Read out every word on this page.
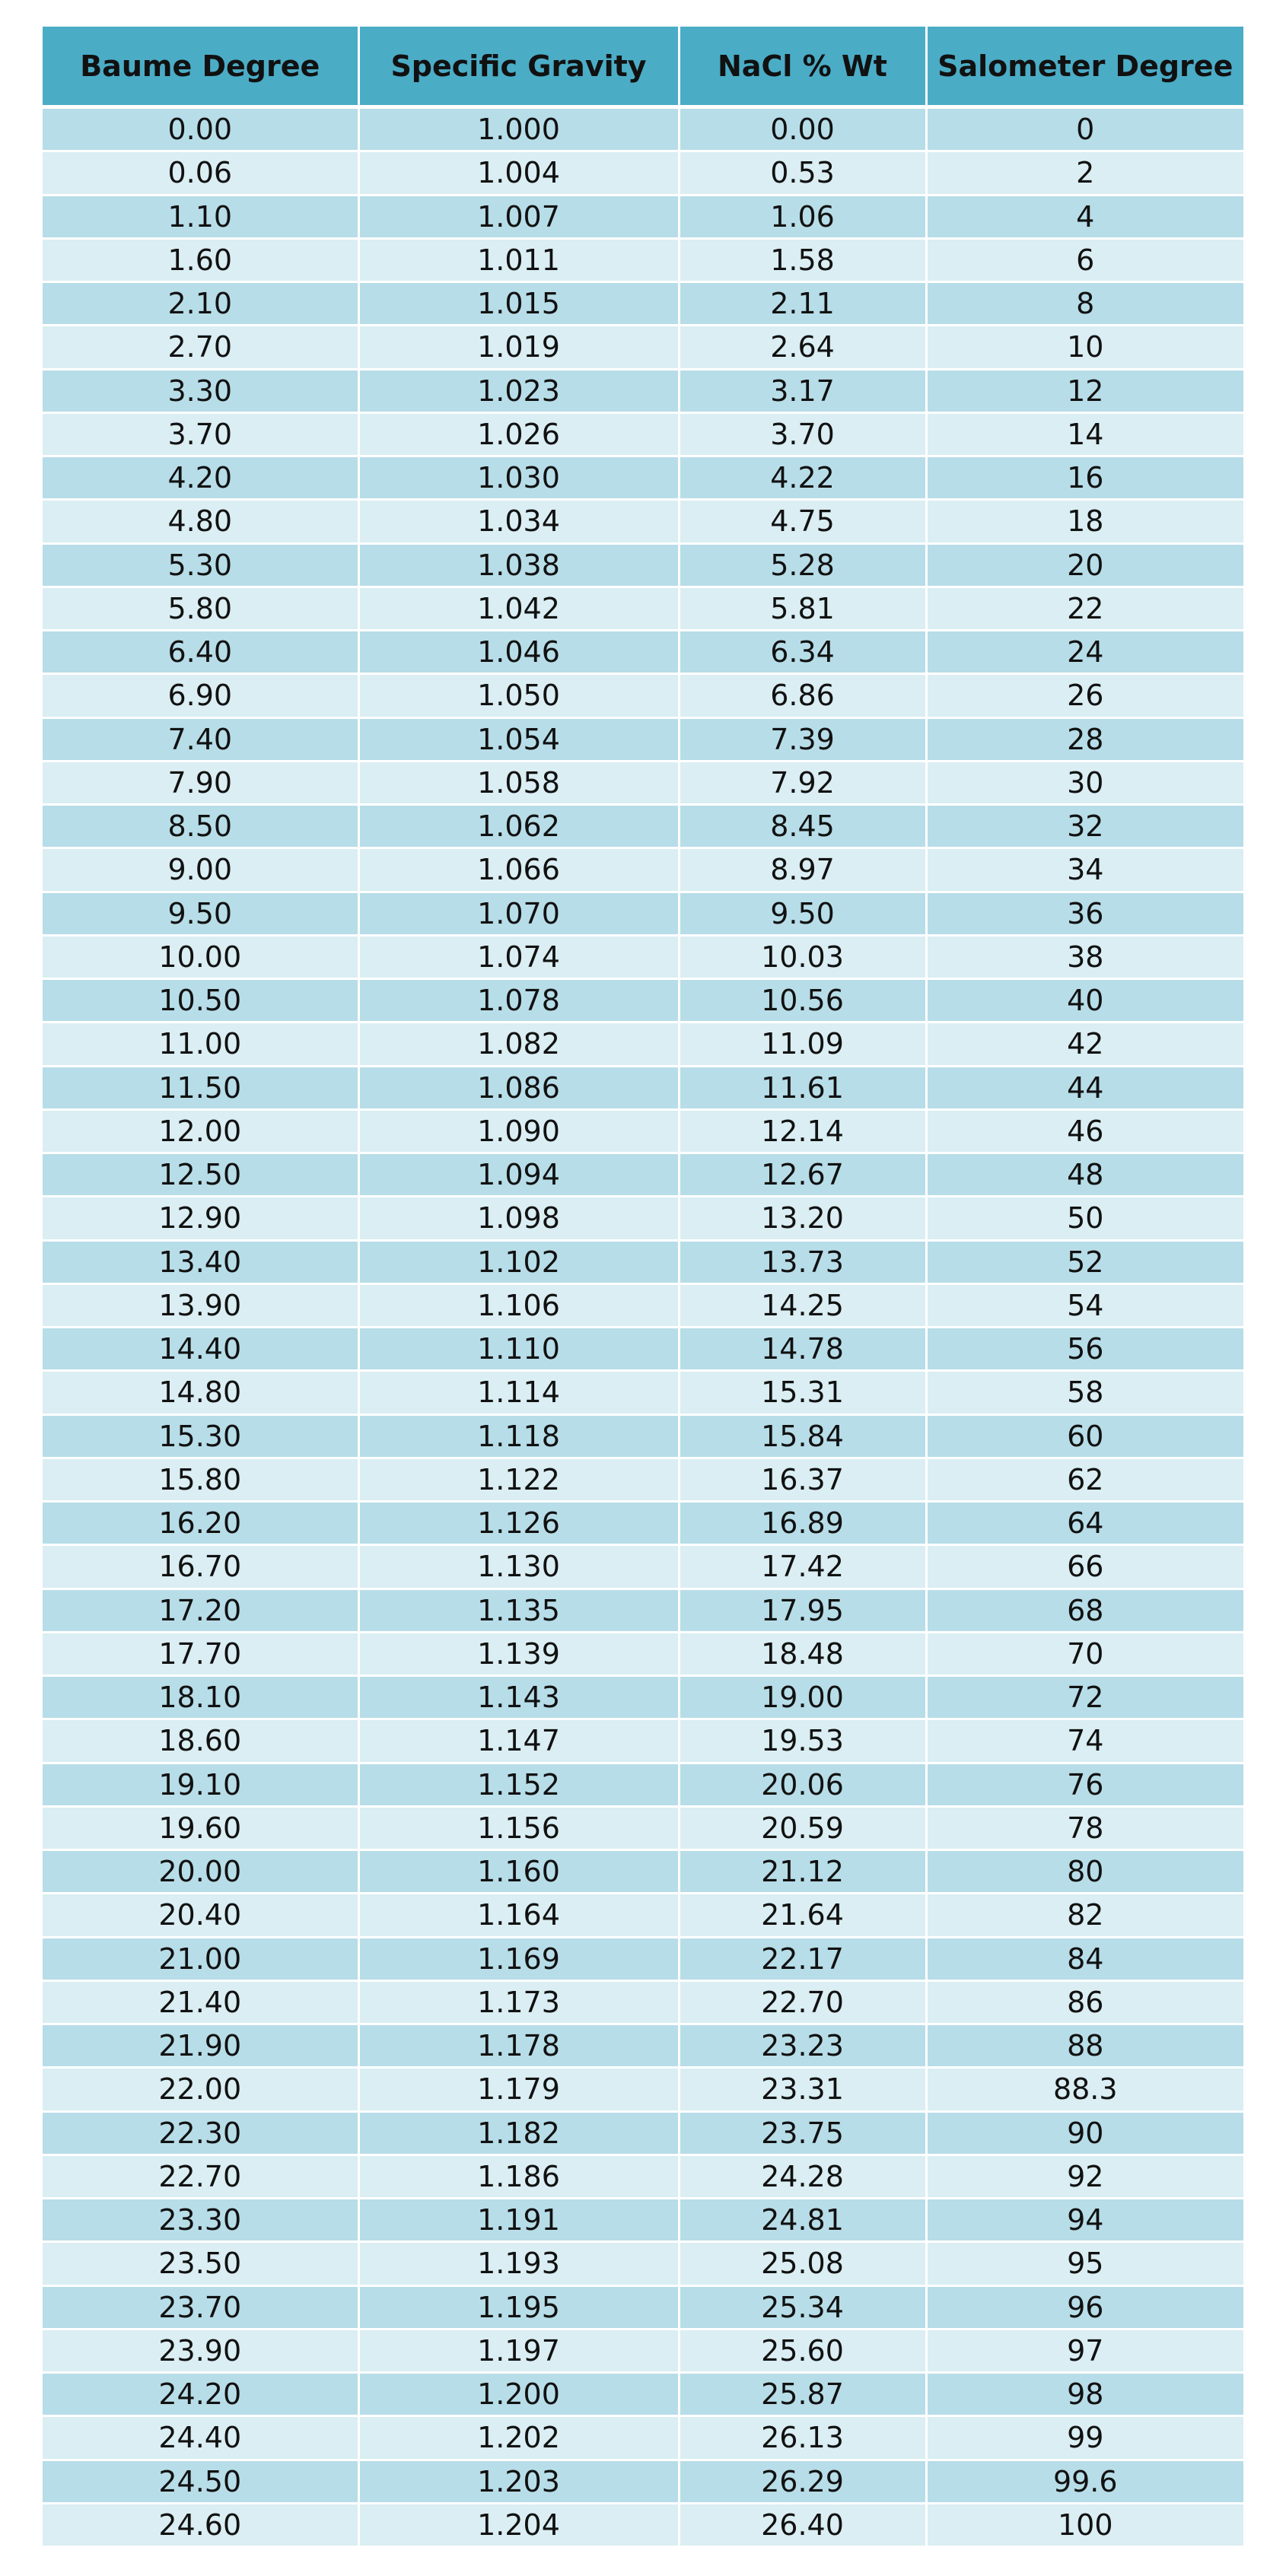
Baume Degree	Specific Gravity	NaCl % Wt	Salometer Degree
0.00	1.000	0.00	0
0.06	1.004	0.53	2
1.10	1.007	1.06	4
1.60	1.011	1.58	6
2.10	1.015	2.11	8
2.70	1.019	2.64	10
3.30	1.023	3.17	12
3.70	1.026	3.70	14
4.20	1.030	4.22	16
4.80	1.034	4.75	18
5.30	1.038	5.28	20
5.80	1.042	5.81	22
6.40	1.046	6.34	24
6.90	1.050	6.86	26
7.40	1.054	7.39	28
7.90	1.058	7.92	30
8.50	1.062	8.45	32
9.00	1.066	8.97	34
9.50	1.070	9.50	36
10.00	1.074	10.03	38
10.50	1.078	10.56	40
11.00	1.082	11.09	42
11.50	1.086	11.61	44
12.00	1.090	12.14	46
12.50	1.094	12.67	48
12.90	1.098	13.20	50
13.40	1.102	13.73	52
13.90	1.106	14.25	54
14.40	1.110	14.78	56
14.80	1.114	15.31	58
15.30	1.118	15.84	60
15.80	1.122	16.37	62
16.20	1.126	16.89	64
16.70	1.130	17.42	66
17.20	1.135	17.95	68
17.70	1.139	18.48	70
18.10	1.143	19.00	72
18.60	1.147	19.53	74
19.10	1.152	20.06	76
19.60	1.156	20.59	78
20.00	1.160	21.12	80
20.40	1.164	21.64	82
21.00	1.169	22.17	84
21.40	1.173	22.70	86
21.90	1.178	23.23	88
22.00	1.179	23.31	88.3
22.30	1.182	23.75	90
22.70	1.186	24.28	92
23.30	1.191	24.81	94
23.50	1.193	25.08	95
23.70	1.195	25.34	96
23.90	1.197	25.60	97
24.20	1.200	25.87	98
24.40	1.202	26.13	99
24.50	1.203	26.29	99.6
24.60	1.204	26.40	100
